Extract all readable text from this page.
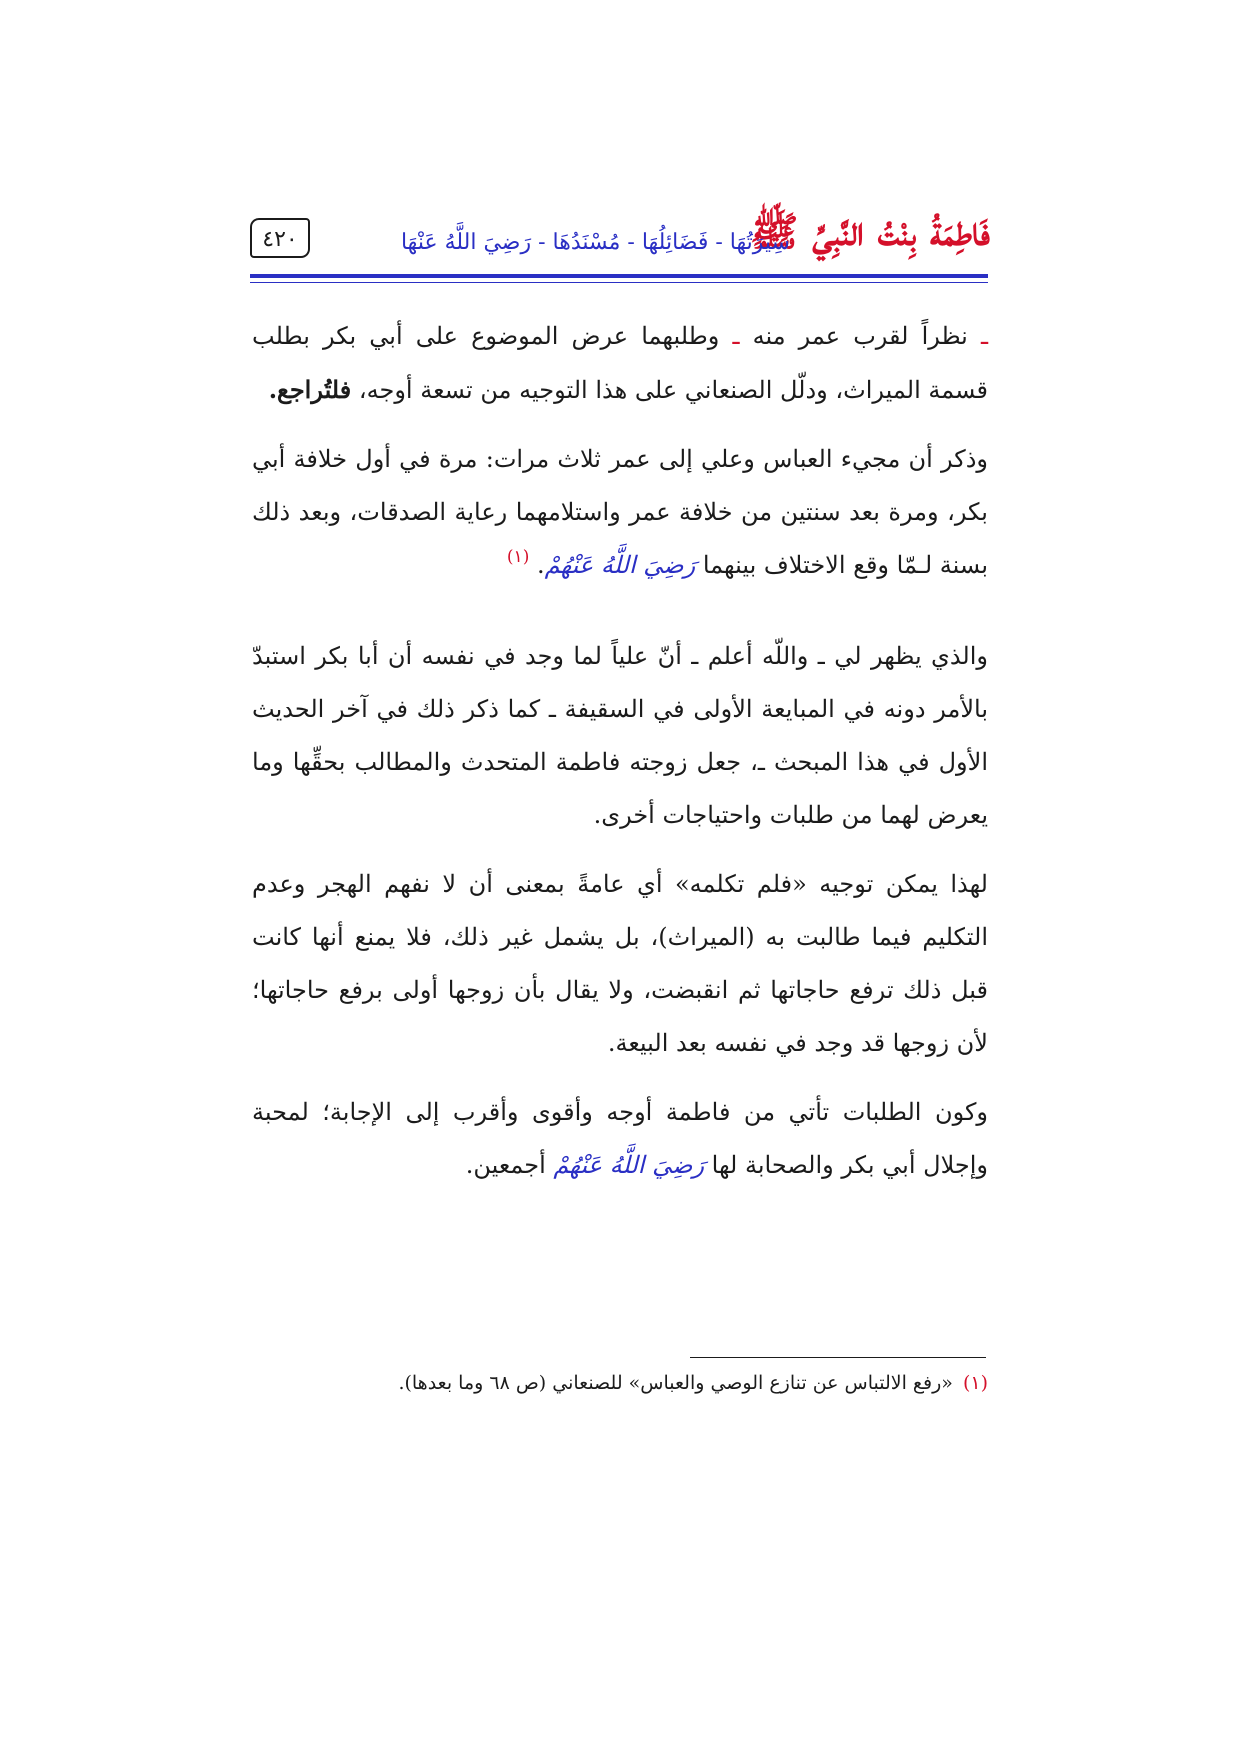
فَاطِمَةُ بِنْتُ النَّبِيِّ ﷺ
سِيرَتُهَا - فَضَائِلُهَا - مُسْنَدُهَا - رَضِيَ اللَّهُ عَنْهَا
٤٢٠

ـ نظراً لقرب عمر منه ـ وطلبهما عرض الموضوع على أبي بكر بطلب قسمة الميراث، ودلّل الصنعاني على هذا التوجيه من تسعة أوجه، فلتُراجع.

وذكر أن مجيء العباس وعلي إلى عمر ثلاث مرات: مرة في أول خلافة أبي بكر، ومرة بعد سنتين من خلافة عمر واستلامهما رعاية الصدقات، وبعد ذلك بسنة لـمّا وقع الاختلاف بينهما رَضِيَ اللَّهُ عَنْهُمْ. $^{(١)}$

والذي يظهر لي ـ واللّه أعلم ـ أنّ علياً لما وجد في نفسه أن أبا بكر استبدّ بالأمر دونه في المبايعة الأولى في السقيفة ـ كما ذكر ذلك في آخر الحديث الأول في هذا المبحث ـ، جعل زوجته فاطمة المتحدث والمطالب بحقِّها وما يعرض لهما من طلبات واحتياجات أخرى.

لهذا يمكن توجيه «فلم تكلمه» أي عامةً بمعنى أن لا نفهم الهجر وعدم التكليم فيما طالبت به (الميراث)، بل يشمل غير ذلك، فلا يمنع أنها كانت قبل ذلك ترفع حاجاتها ثم انقبضت، ولا يقال بأن زوجها أولى برفع حاجاتها؛ لأن زوجها قد وجد في نفسه بعد البيعة.

وكون الطلبات تأتي من فاطمة أوجه وأقوى وأقرب إلى الإجابة؛ لمحبة وإجلال أبي بكر والصحابة لها رَضِيَ اللَّهُ عَنْهُمْ أجمعين.

(١)«رفع الالتباس عن تنازع الوصي والعباس» للصنعاني (ص ٦٨ وما بعدها).
